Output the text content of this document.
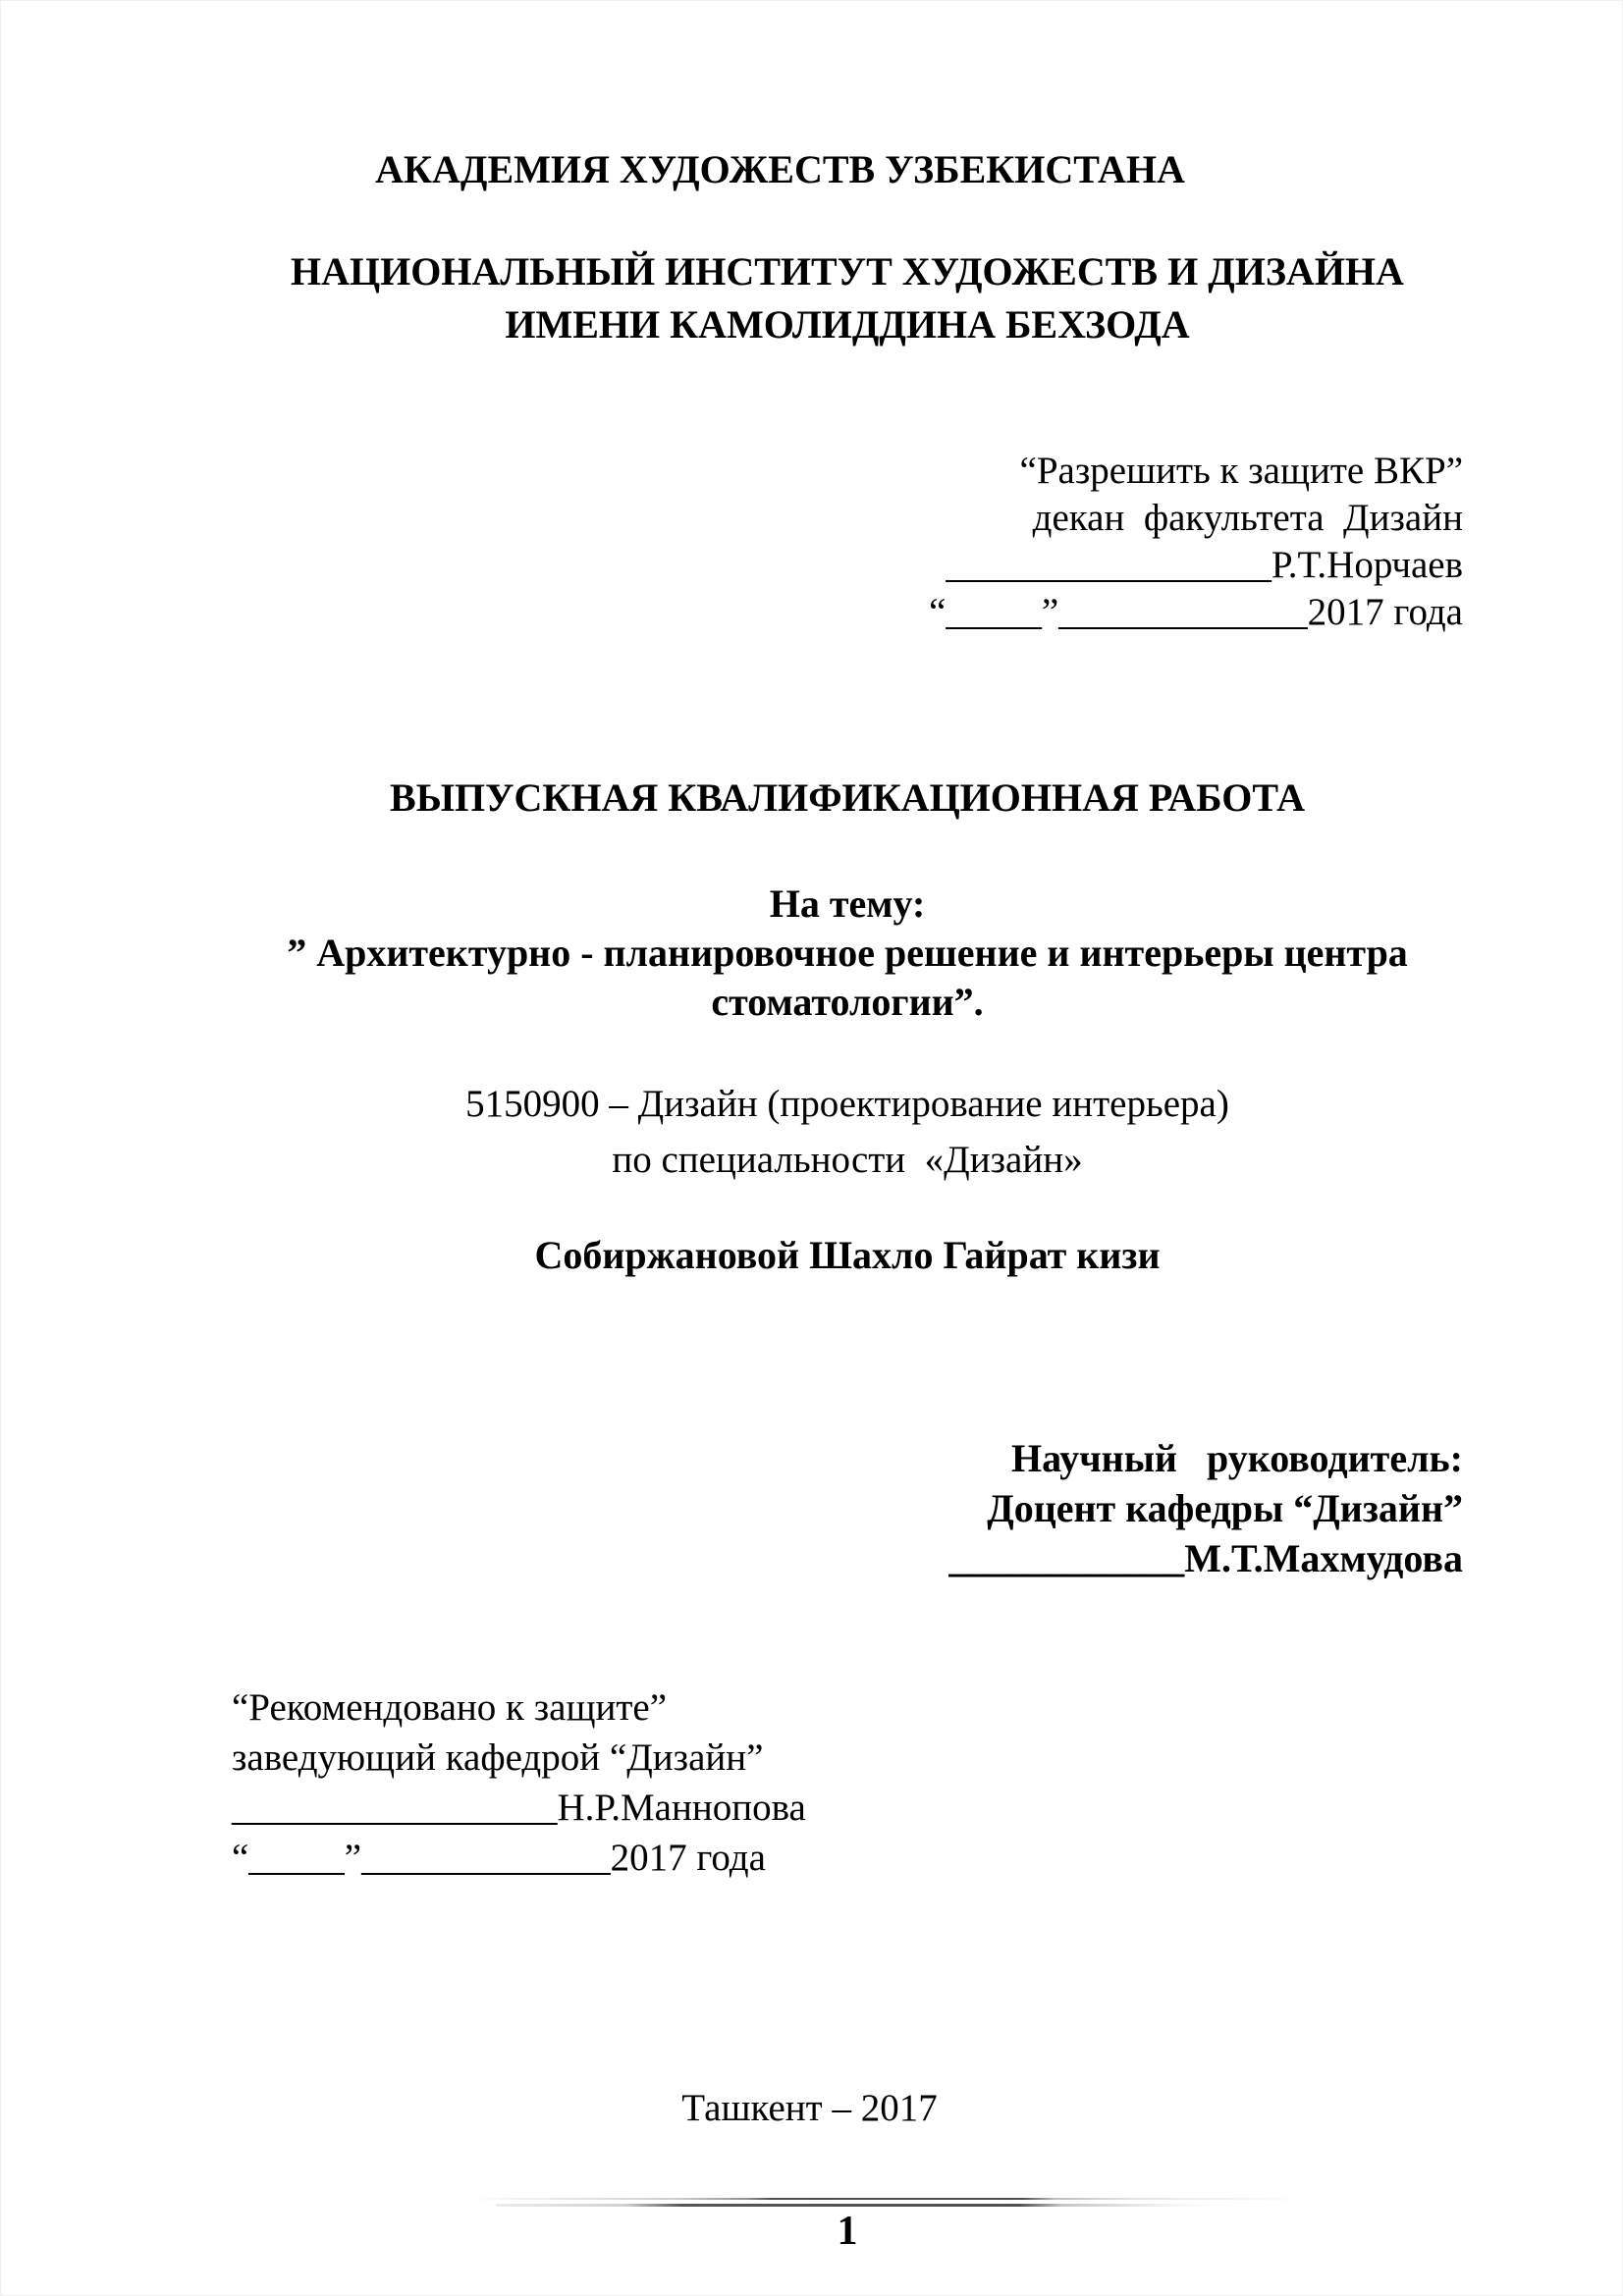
АКАДЕМИЯ ХУДОЖЕСТВ УЗБЕКИСТАНА
НАЦИОНАЛЬНЫЙ ИНСТИТУТ ХУДОЖЕСТВ И ДИЗАЙНА
ИМЕНИ КАМОЛИДДИНА БЕХЗОДА
“Разрешить к защите ВКР”
декан  факультета  Дизайн
_________________Р.Т.Норчаев
“_____”_____________2017 года
ВЫПУСКНАЯ КВАЛИФИКАЦИОННАЯ РАБОТА
На тему:
” Архитектурно - планировочное решение и интерьеры центра
стоматологии”.
5150900 – Дизайн (проектирование интерьера)
по специальности  «Дизайн»
Собиржановой Шахло Гайрат кизи
Научный   руководитель:
Доцент кафедры “Дизайн”
____________М.Т.Махмудова
“Рекомендовано к защите”
заведующий кафедрой “Дизайн”
_________________Н.Р.Маннопова
“_____”_____________2017 года
Ташкент – 2017
1
